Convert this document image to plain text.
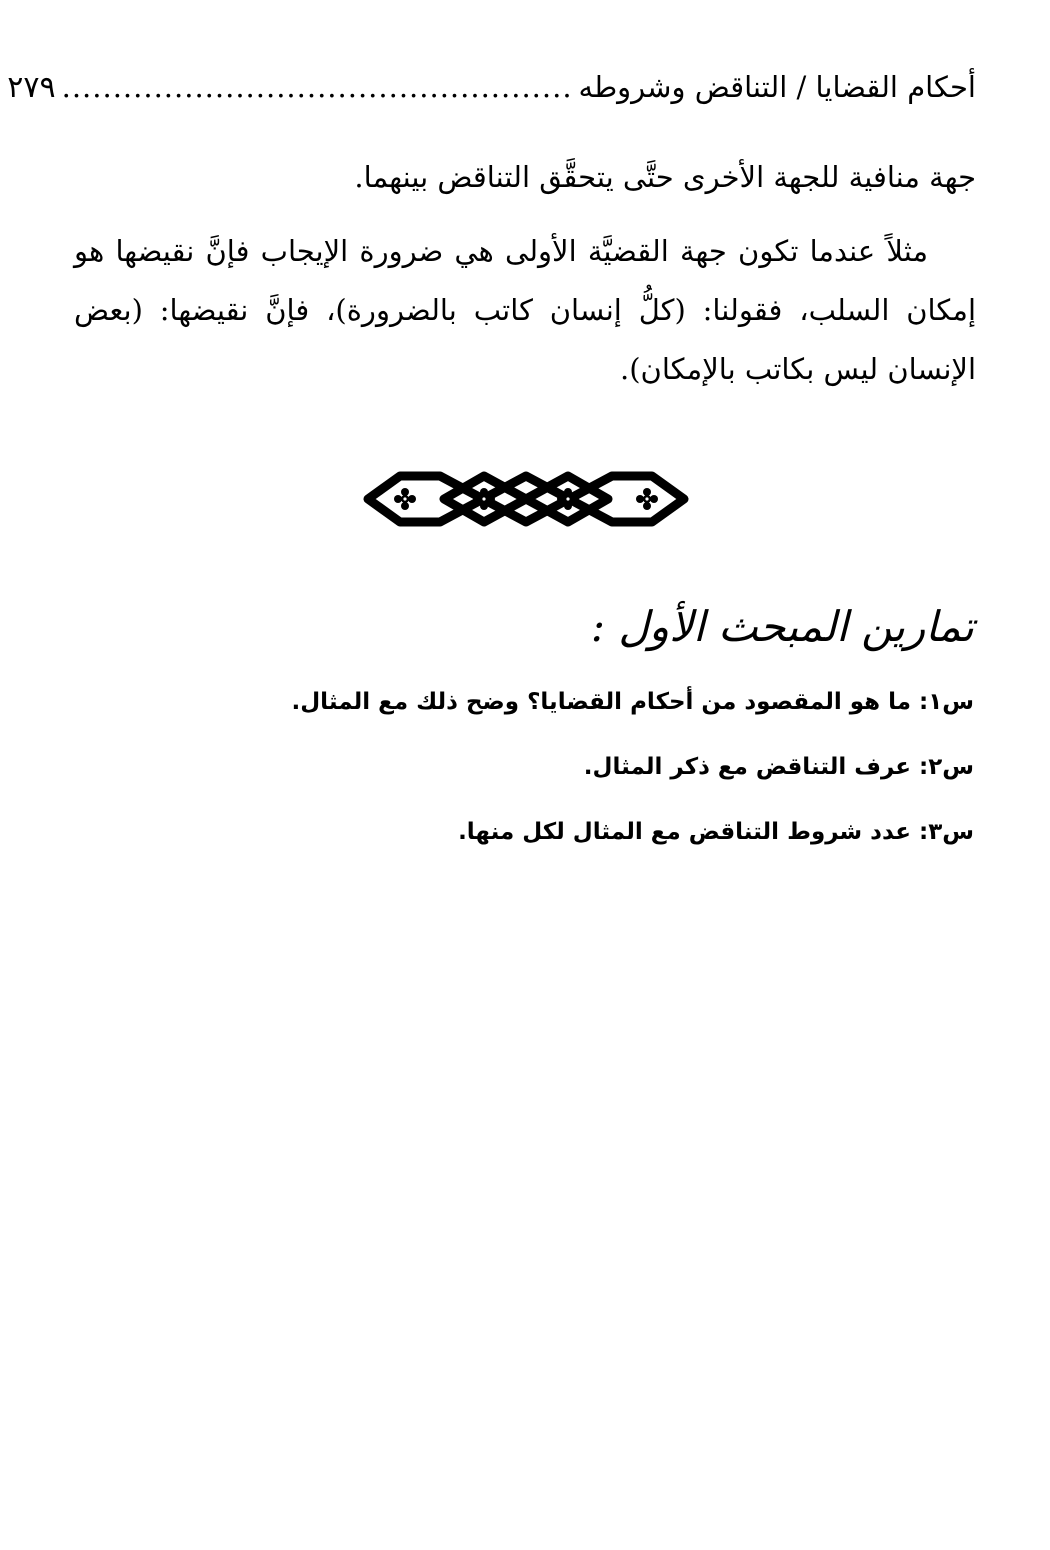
أحكام القضايا / التناقض وشروطه
..................................................
٢٧٩

جهة منافية للجهة الأخرى حتَّى يتحقَّق التناقض بينهما.

مثلاً عندما تكون جهة القضيَّة الأولى هي ضرورة الإيجاب فإنَّ نقيضها هو إمكان السلب، فقولنا: (كلُّ إنسان كاتب بالضرورة)، فإنَّ نقيضها: (بعض الإنسان ليس بكاتب بالإمكان).

تمارين المبحث الأول :
س١: ما هو المقصود من أحكام القضايا؟ وضح ذلك مع المثال.
س٢: عرف التناقض مع ذكر المثال.
س٣: عدد شروط التناقض مع المثال لكل منها.
